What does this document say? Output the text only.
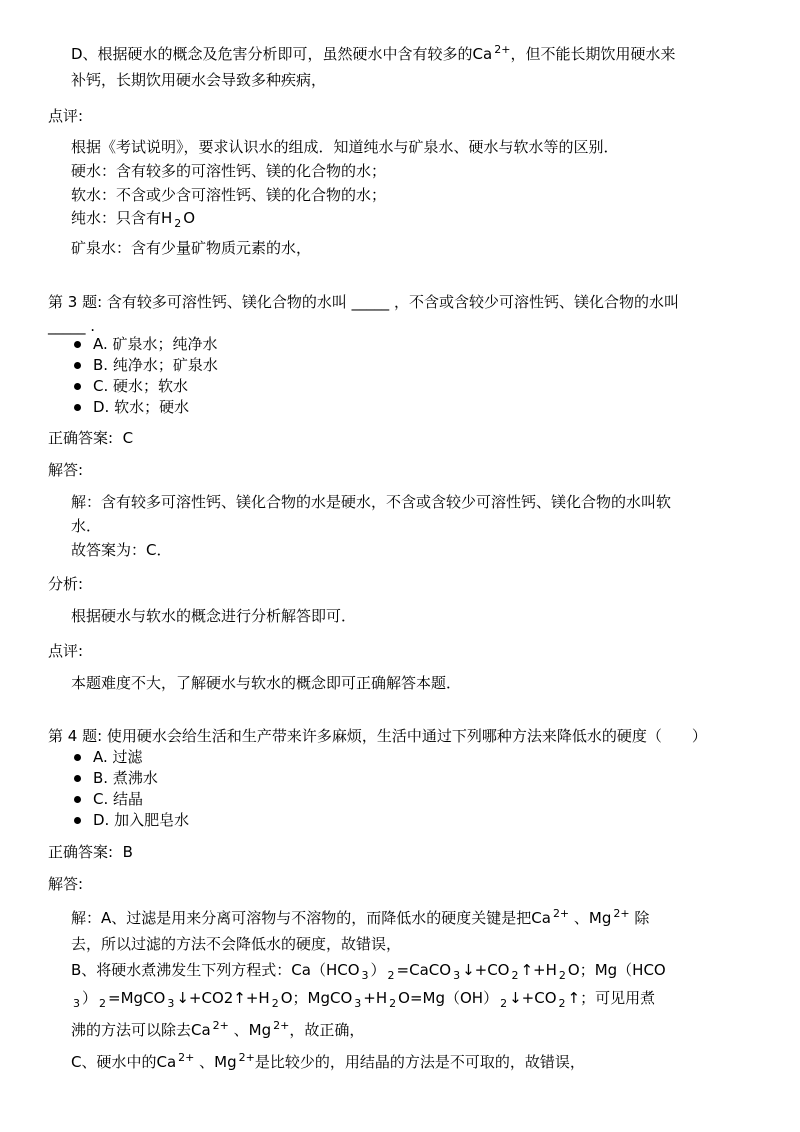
D、根据硬水的概念及危害分析即可，虽然硬水中含有较多的Ca $^{2+}$，但不能长期饮用硬水来
补钙，长期饮用硬水会导致多种疾病，
点评:
根据《考试说明》，要求认识水的组成．知道纯水与矿泉水、硬水与软水等的区别．
硬水：含有较多的可溶性钙、镁的化合物的水；
软水：不含或少含可溶性钙、镁的化合物的水；
纯水：只含有H $_2$ O
矿泉水：含有少量矿物质元素的水，
第 3 题: 含有较多可溶性钙、镁化合物的水叫 _____ ，不含或含较少可溶性钙、镁化合物的水叫
_____ .
A. 矿泉水；纯净水
B. 纯净水；矿泉水
C. 硬水；软水
D. 软水；硬水
正确答案: C
解答:
解：含有较多可溶性钙、镁化合物的水是硬水，不含或含较少可溶性钙、镁化合物的水叫软
水．
故答案为：C．
分析:
根据硬水与软水的概念进行分析解答即可．
点评:
本题难度不大，了解硬水与软水的概念即可正确解答本题．
第 4 题: 使用硬水会给生活和生产带来许多麻烦，生活中通过下列哪种方法来降低水的硬度（　　）
A. 过滤
B. 煮沸水
C. 结晶
D. 加入肥皂水
正确答案: B
解答:
解：A、过滤是用来分离可溶物与不溶物的，而降低水的硬度关键是把Ca $^{2+}$ 、Mg $^{2+}$ 除
去，所以过滤的方法不会降低水的硬度，故错误，
B、将硬水煮沸发生下列方程式：Ca（HCO $_3$ ） $_2$ =CaCO $_3$ ↓+CO $_2$ ↑+H $_2$ O；Mg（HCO
$_3$ ） $_2$ =MgCO $_3$ ↓+CO2↑+H $_2$ O；MgCO $_3$ +H $_2$ O=Mg（OH） $_2$ ↓+CO $_2$ ↑；可见用煮
沸的方法可以除去Ca $^{2+}$ 、Mg $^{2+}$，故正确，
C、硬水中的Ca $^{2+}$ 、Mg $^{2+}$是比较少的，用结晶的方法是不可取的，故错误，
